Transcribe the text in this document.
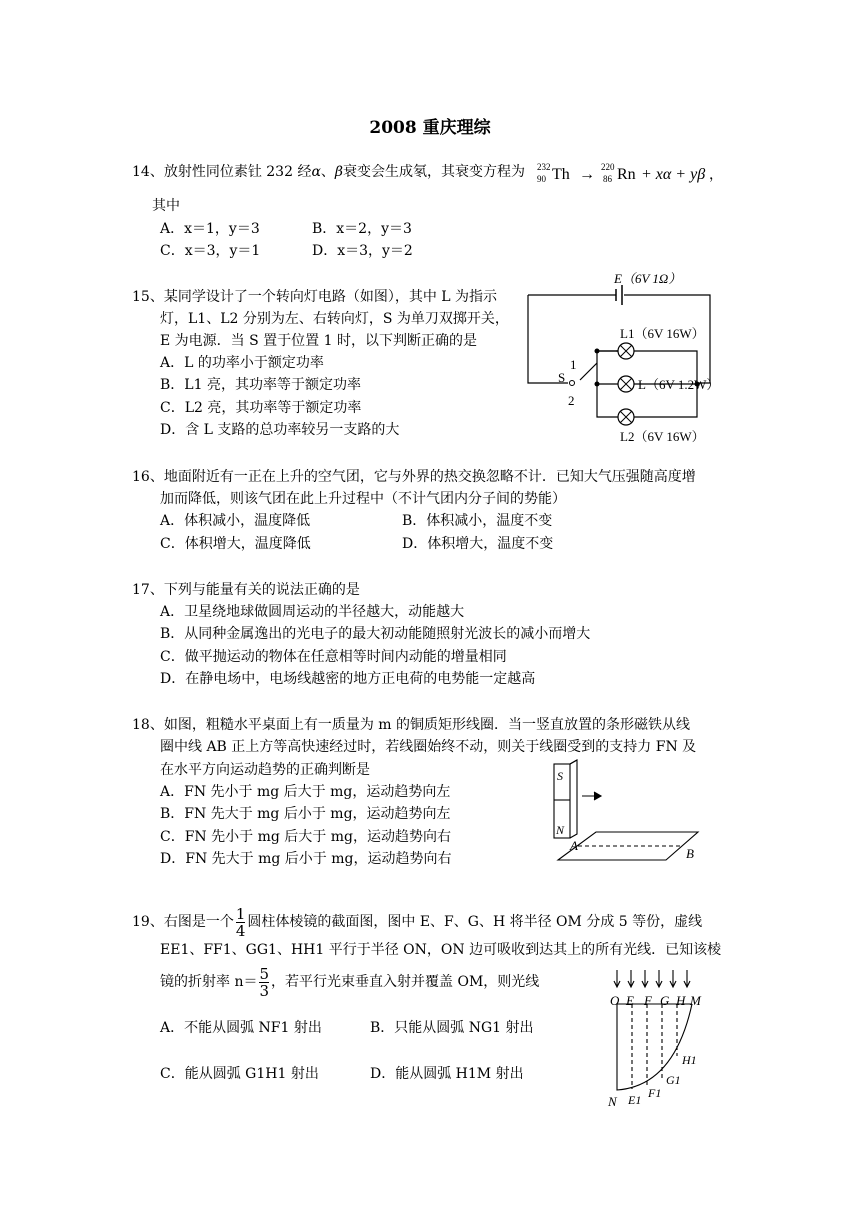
2008 重庆理综
14、放射性同位素钍 232 经α、β衰变会生成氡，其衰变方程为 232
90 Th → 220
86 Rn + xα + yβ ，
其中
A．x＝1，y＝3	B．x＝2，y＝3
C．x＝3，y＝1	D．x＝3，y＝2
15、某同学设计了一个转向灯电路（如图），其中 L 为指示
灯，L1、L2 分别为左、右转向灯，S 为单刀双掷开关，
E 为电源．当 S 置于位置 1 时，以下判断正确的是
A．L 的功率小于额定功率
B．L1 亮，其功率等于额定功率
C．L2 亮，其功率等于额定功率
D．含 L 支路的总功率较另一支路的大
E（6V 1Ω）
L1（6V 16W）
L（6V 1.2W）
L2（6V 16W）
S
1
2
16、地面附近有一正在上升的空气团，它与外界的热交换忽略不计．已知大气压强随高度增
加而降低，则该气团在此上升过程中（不计气团内分子间的势能）
A．体积减小，温度降低	B．体积减小，温度不变
C．体积增大，温度降低	D．体积增大，温度不变
17、下列与能量有关的说法正确的是
A．卫星绕地球做圆周运动的半径越大，动能越大
B．从同种金属逸出的光电子的最大初动能随照射光波长的减小而增大
C．做平抛运动的物体在任意相等时间内动能的增量相同
D．在静电场中，电场线越密的地方正电荷的电势能一定越高
18、如图，粗糙水平桌面上有一质量为 m 的铜质矩形线圈．当一竖直放置的条形磁铁从线
圈中线 AB 正上方等高快速经过时，若线圈始终不动，则关于线圈受到的支持力 FN 及
在水平方向运动趋势的正确判断是
A．FN 先小于 mg 后大于 mg，运动趋势向左
B．FN 先大于 mg 后小于 mg，运动趋势向左
C．FN 先小于 mg 后大于 mg，运动趋势向右
D．FN 先大于 mg 后小于 mg，运动趋势向右
S
N
A
B
19、右图是一个 $\frac{1}{4}$ 圆柱体棱镜的截面图，图中 E、F、G、H 将半径 OM 分成 5 等份，虚线
EE1、FF1、GG1、HH1 平行于半径 ON，ON 边可吸收到达其上的所有光线．已知该棱
镜的折射率 $n= \frac{5}{3}$ ，若平行光束垂直入射并覆盖 OM，则光线
A．不能从圆弧 NF1 射出	B．只能从圆弧 NG1 射出
C．能从圆弧 G1H1 射出	D．能从圆弧 H1M 射出
O E F G H M
N E1 F1
G1
H1
